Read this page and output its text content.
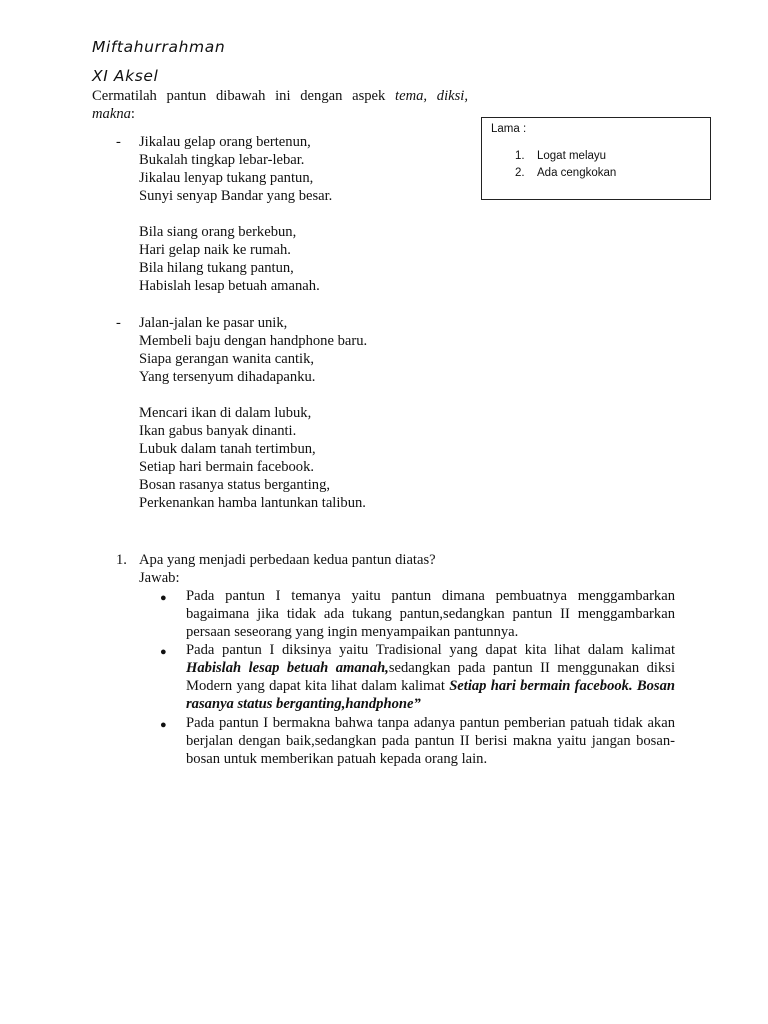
Miftahurrahman
XI Aksel
Cermatilah pantun dibawah ini dengan aspek tema, diksi, makna:
Lama :
1. Logat melayu
2. Ada cengkokan
- Jikalau gelap orang bertenun,
Bukalah tingkap lebar-lebar.
Jikalau lenyap tukang pantun,
Sunyi senyap Bandar yang besar.
Bila siang orang berkebun,
Hari gelap naik ke rumah.
Bila hilang tukang pantun,
Habislah lesap betuah amanah.
- Jalan-jalan ke pasar unik,
Membeli baju dengan handphone baru.
Siapa gerangan wanita cantik,
Yang tersenyum dihadapanku.
Mencari ikan di dalam lubuk,
Ikan gabus banyak dinanti.
Lubuk dalam tanah tertimbun,
Setiap hari bermain facebook.
Bosan rasanya status berganting,
Perkenankan hamba lantunkan talibun.
1. Apa yang menjadi perbedaan kedua pantun diatas?
Jawab:
● Pada pantun I temanya yaitu pantun dimana pembuatnya menggambarkan bagaimana jika tidak ada tukang pantun,sedangkan pantun II menggambarkan persaan seseorang yang ingin menyampaikan pantunnya.
● Pada pantun I diksinya yaitu Tradisional yang dapat kita lihat dalam kalimat Habislah lesap betuah amanah,sedangkan pada pantun II menggunakan diksi Modern yang dapat kita lihat dalam kalimat Setiap hari bermain facebook. Bosan rasanya status berganting,handphone”
● Pada pantun I bermakna bahwa tanpa adanya pantun pemberian patuah tidak akan berjalan dengan baik,sedangkan pada pantun II berisi makna yaitu jangan bosan-bosan untuk memberikan patuah kepada orang lain.
